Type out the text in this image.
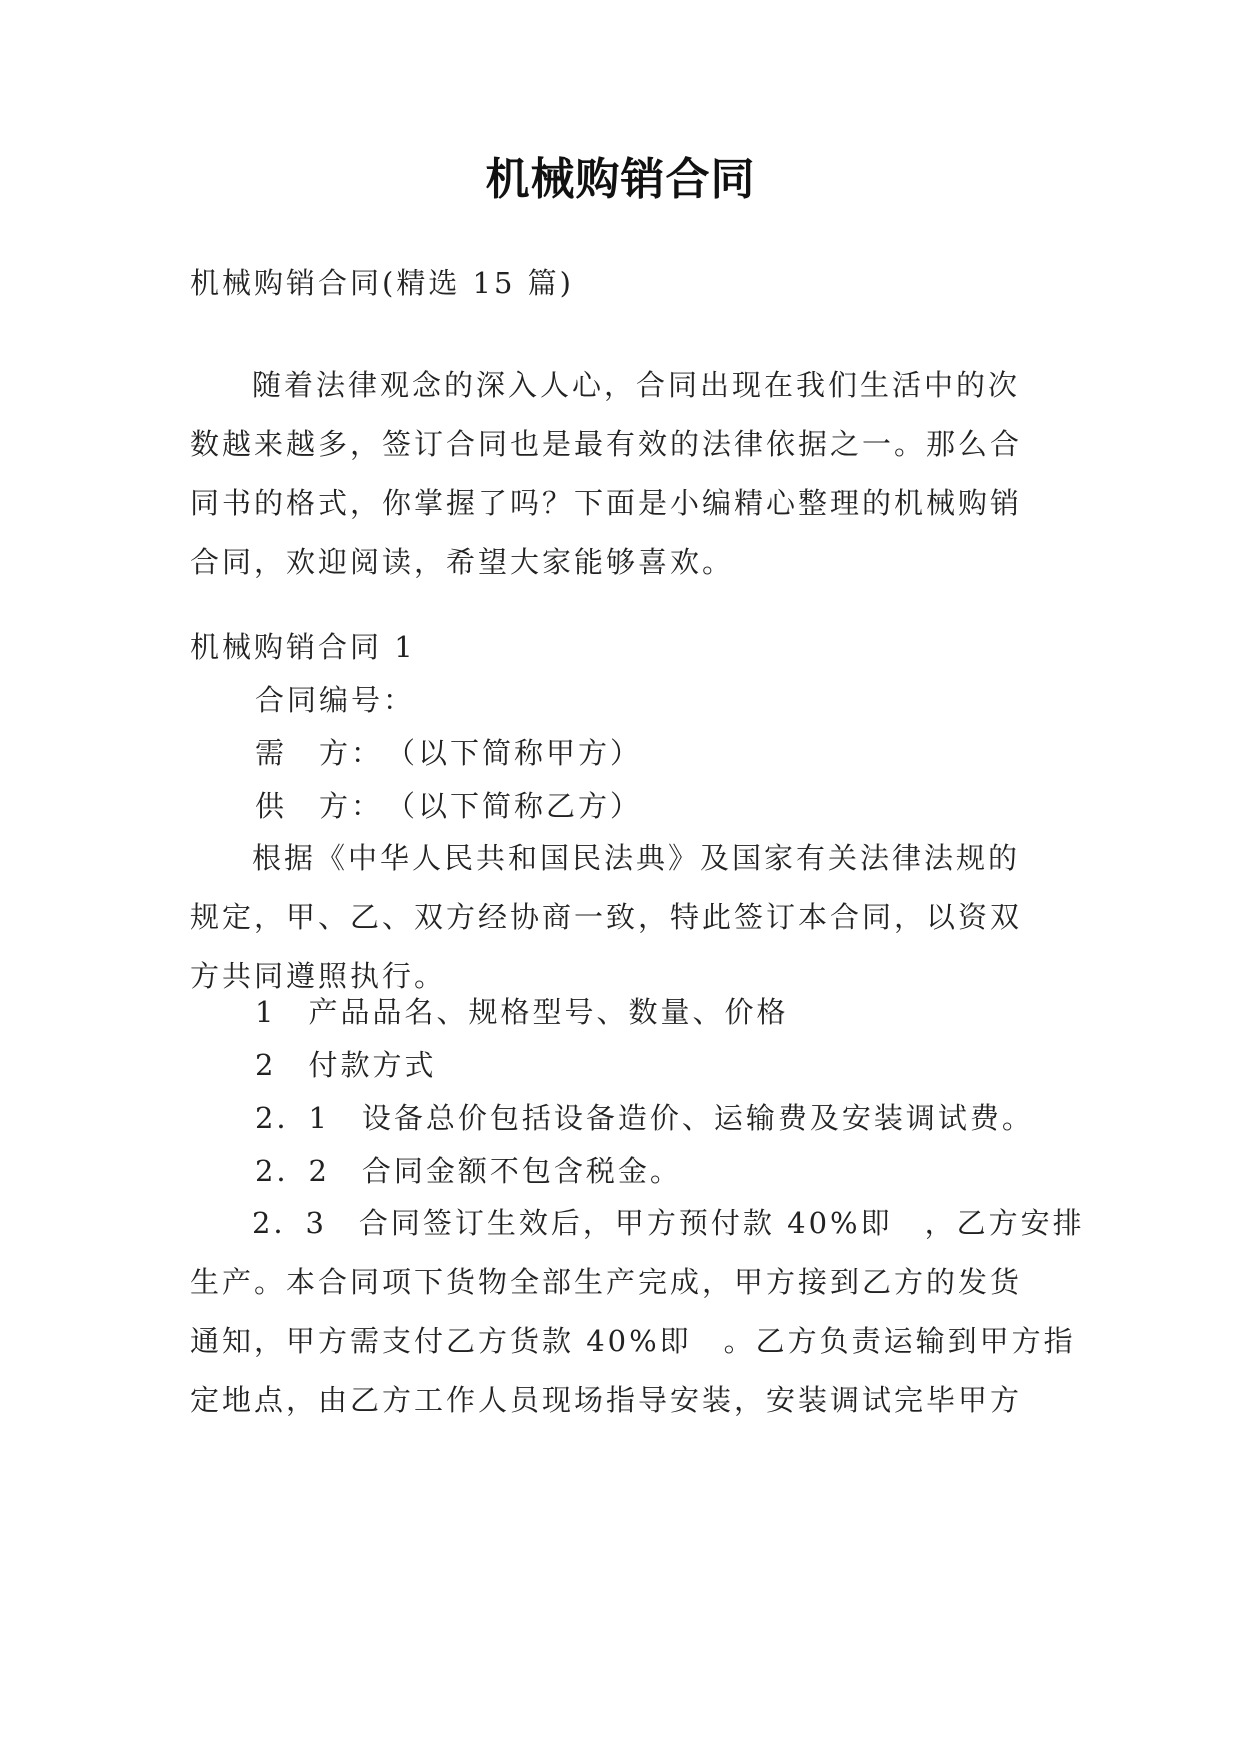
机械购销合同

机械购销合同(精选 15 篇)

随着法律观念的深入人心，合同出现在我们生活中的次
数越来越多，签订合同也是最有效的法律依据之一。那么合
同书的格式，你掌握了吗？下面是小编精心整理的机械购销
合同，欢迎阅读，希望大家能够喜欢。

机械购销合同 1

合同编号：

需　方：　（以下简称甲方）

供　方：　（以下简称乙方）

根据《中华人民共和国民法典》及国家有关法律法规的
规定，甲、乙、双方经协商一致，特此签订本合同，以资双
方共同遵照执行。

1　产品品名、规格型号、数量、价格

2　付款方式

2．1　设备总价包括设备造价、运输费及安装调试费。

2．2　合同金额不包含税金。

2．3　合同签订生效后，甲方预付款 40%即　，乙方安排
生产。本合同项下货物全部生产完成，甲方接到乙方的发货
通知，甲方需支付乙方货款 40%即　。乙方负责运输到甲方指
定地点，由乙方工作人员现场指导安装，安装调试完毕甲方
